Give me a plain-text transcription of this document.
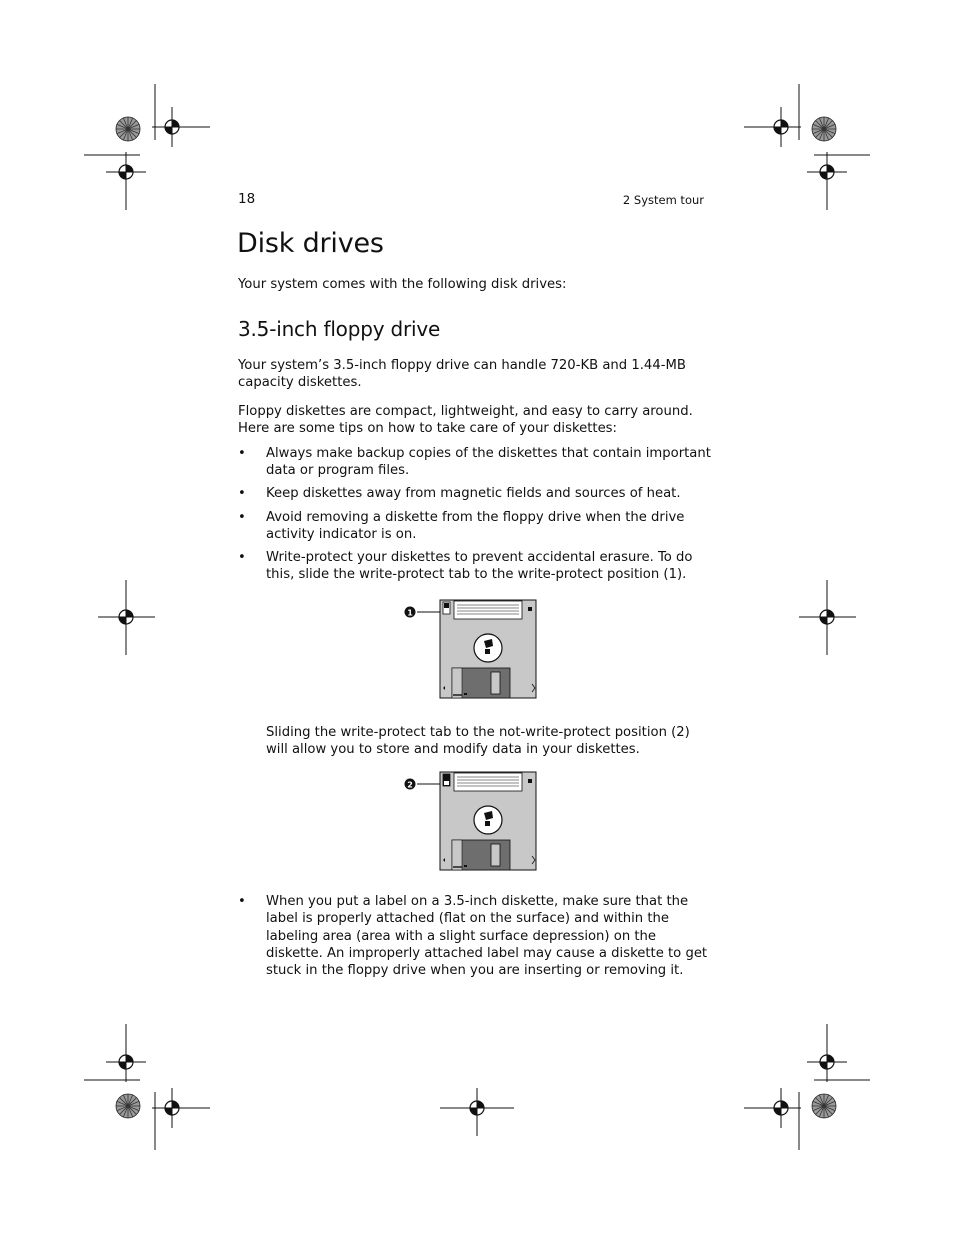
18	2 System tour
Disk drives

Your system comes with the following disk drives:

3.5-inch floppy drive

Your system’s 3.5-inch floppy drive can handle 720-KB and 1.44-MB capacity diskettes.

Floppy diskettes are compact, lightweight, and easy to carry around. Here are some tips on how to take care of your diskettes:

•	Always make backup copies of the diskettes that contain important data or program files.
•	Keep diskettes away from magnetic fields and sources of heat.
•	Avoid removing a diskette from the floppy drive when the drive activity indicator is on.
•	Write-protect your diskettes to prevent accidental erasure. To do this, slide the write-protect tab to the write-protect position (1).
1
Sliding the write-protect tab to the not-write-protect position (2) will allow you to store and modify data in your diskettes.
2
•	When you put a label on a 3.5-inch diskette, make sure that the label is properly attached (flat on the surface) and within the labeling area (area with a slight surface depression) on the diskette. An improperly attached label may cause a diskette to get stuck in the floppy drive when you are inserting or removing it.
